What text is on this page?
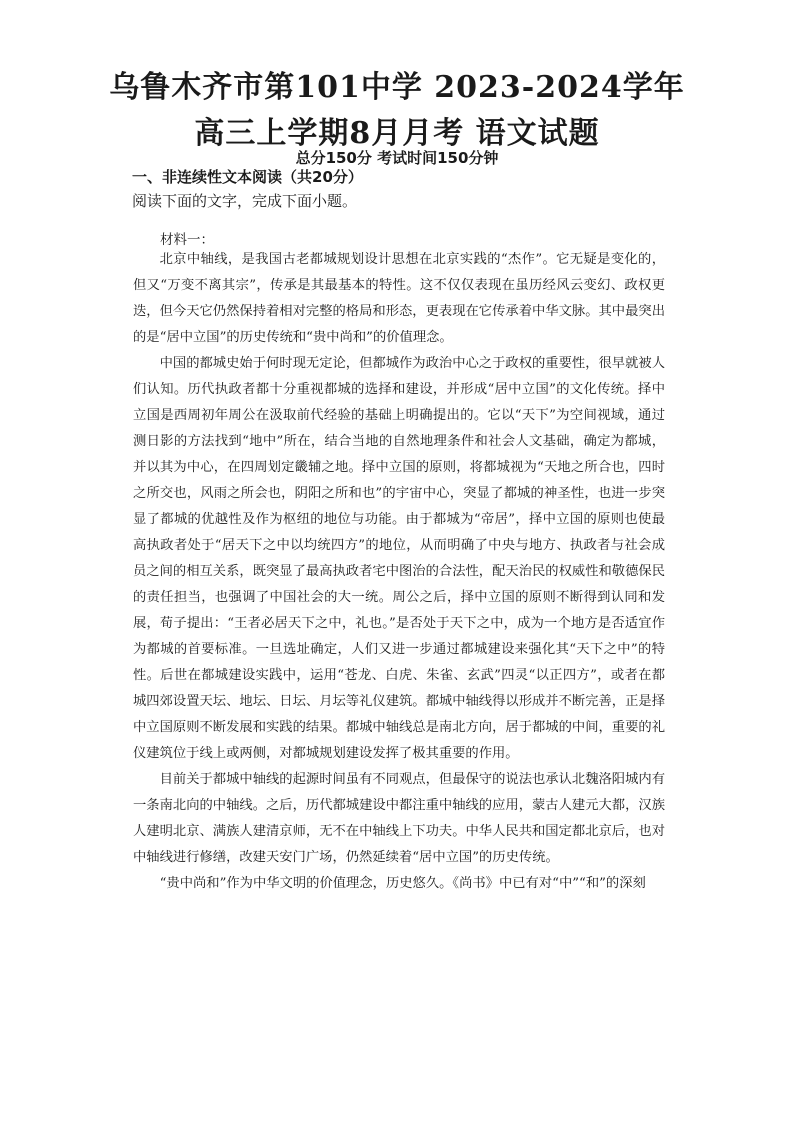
乌鲁木齐市第101中学 2023-2024学年
高三上学期8月月考 语文试题
总分150分 考试时间150分钟
一、非连续性文本阅读（共20分）
阅读下面的文字，完成下面小题。
材料一：

北京中轴线，是我国古老都城规划设计思想在北京实践的“杰作”。它无疑是变化的，但又“万变不离其宗”，传承是其最基本的特性。这不仅仅表现在虽历经风云变幻、政权更迭，但今天它仍然保持着相对完整的格局和形态，更表现在它传承着中华文脉。其中最突出的是“居中立国”的历史传统和“贵中尚和”的价值理念。

中国的都城史始于何时现无定论，但都城作为政治中心之于政权的重要性，很早就被人们认知。历代执政者都十分重视都城的选择和建设，并形成“居中立国”的文化传统。择中立国是西周初年周公在汲取前代经验的基础上明确提出的。它以“天下”为空间视域，通过测日影的方法找到“地中”所在，结合当地的自然地理条件和社会人文基础，确定为都城，并以其为中心，在四周划定畿辅之地。择中立国的原则，将都城视为“天地之所合也，四时之所交也，风雨之所会也，阴阳之所和也”的宇宙中心，突显了都城的神圣性，也进一步突显了都城的优越性及作为枢纽的地位与功能。由于都城为“帝居”，择中立国的原则也使最高执政者处于“居天下之中以均统四方”的地位，从而明确了中央与地方、执政者与社会成员之间的相互关系，既突显了最高执政者宅中图治的合法性，配天治民的权威性和敬德保民的责任担当，也强调了中国社会的大一统。周公之后，择中立国的原则不断得到认同和发展，荀子提出：“王者必居天下之中，礼也。”是否处于天下之中，成为一个地方是否适宜作为都城的首要标准。一旦选址确定，人们又进一步通过都城建设来强化其“天下之中”的特性。后世在都城建设实践中，运用“苍龙、白虎、朱雀、玄武”四灵“以正四方”，或者在都城四郊设置天坛、地坛、日坛、月坛等礼仪建筑。都城中轴线得以形成并不断完善，正是择中立国原则不断发展和实践的结果。都城中轴线总是南北方向，居于都城的中间，重要的礼仪建筑位于线上或两侧，对都城规划建设发挥了极其重要的作用。

目前关于都城中轴线的起源时间虽有不同观点，但最保守的说法也承认北魏洛阳城内有一条南北向的中轴线。之后，历代都城建设中都注重中轴线的应用，蒙古人建元大都，汉族人建明北京、满族人建清京师，无不在中轴线上下功夫。中华人民共和国定都北京后，也对中轴线进行修缮，改建天安门广场，仍然延续着“居中立国”的历史传统。

“贵中尚和”作为中华文明的价值理念，历史悠久。《尚书》中已有对“中”“和”的深刻
